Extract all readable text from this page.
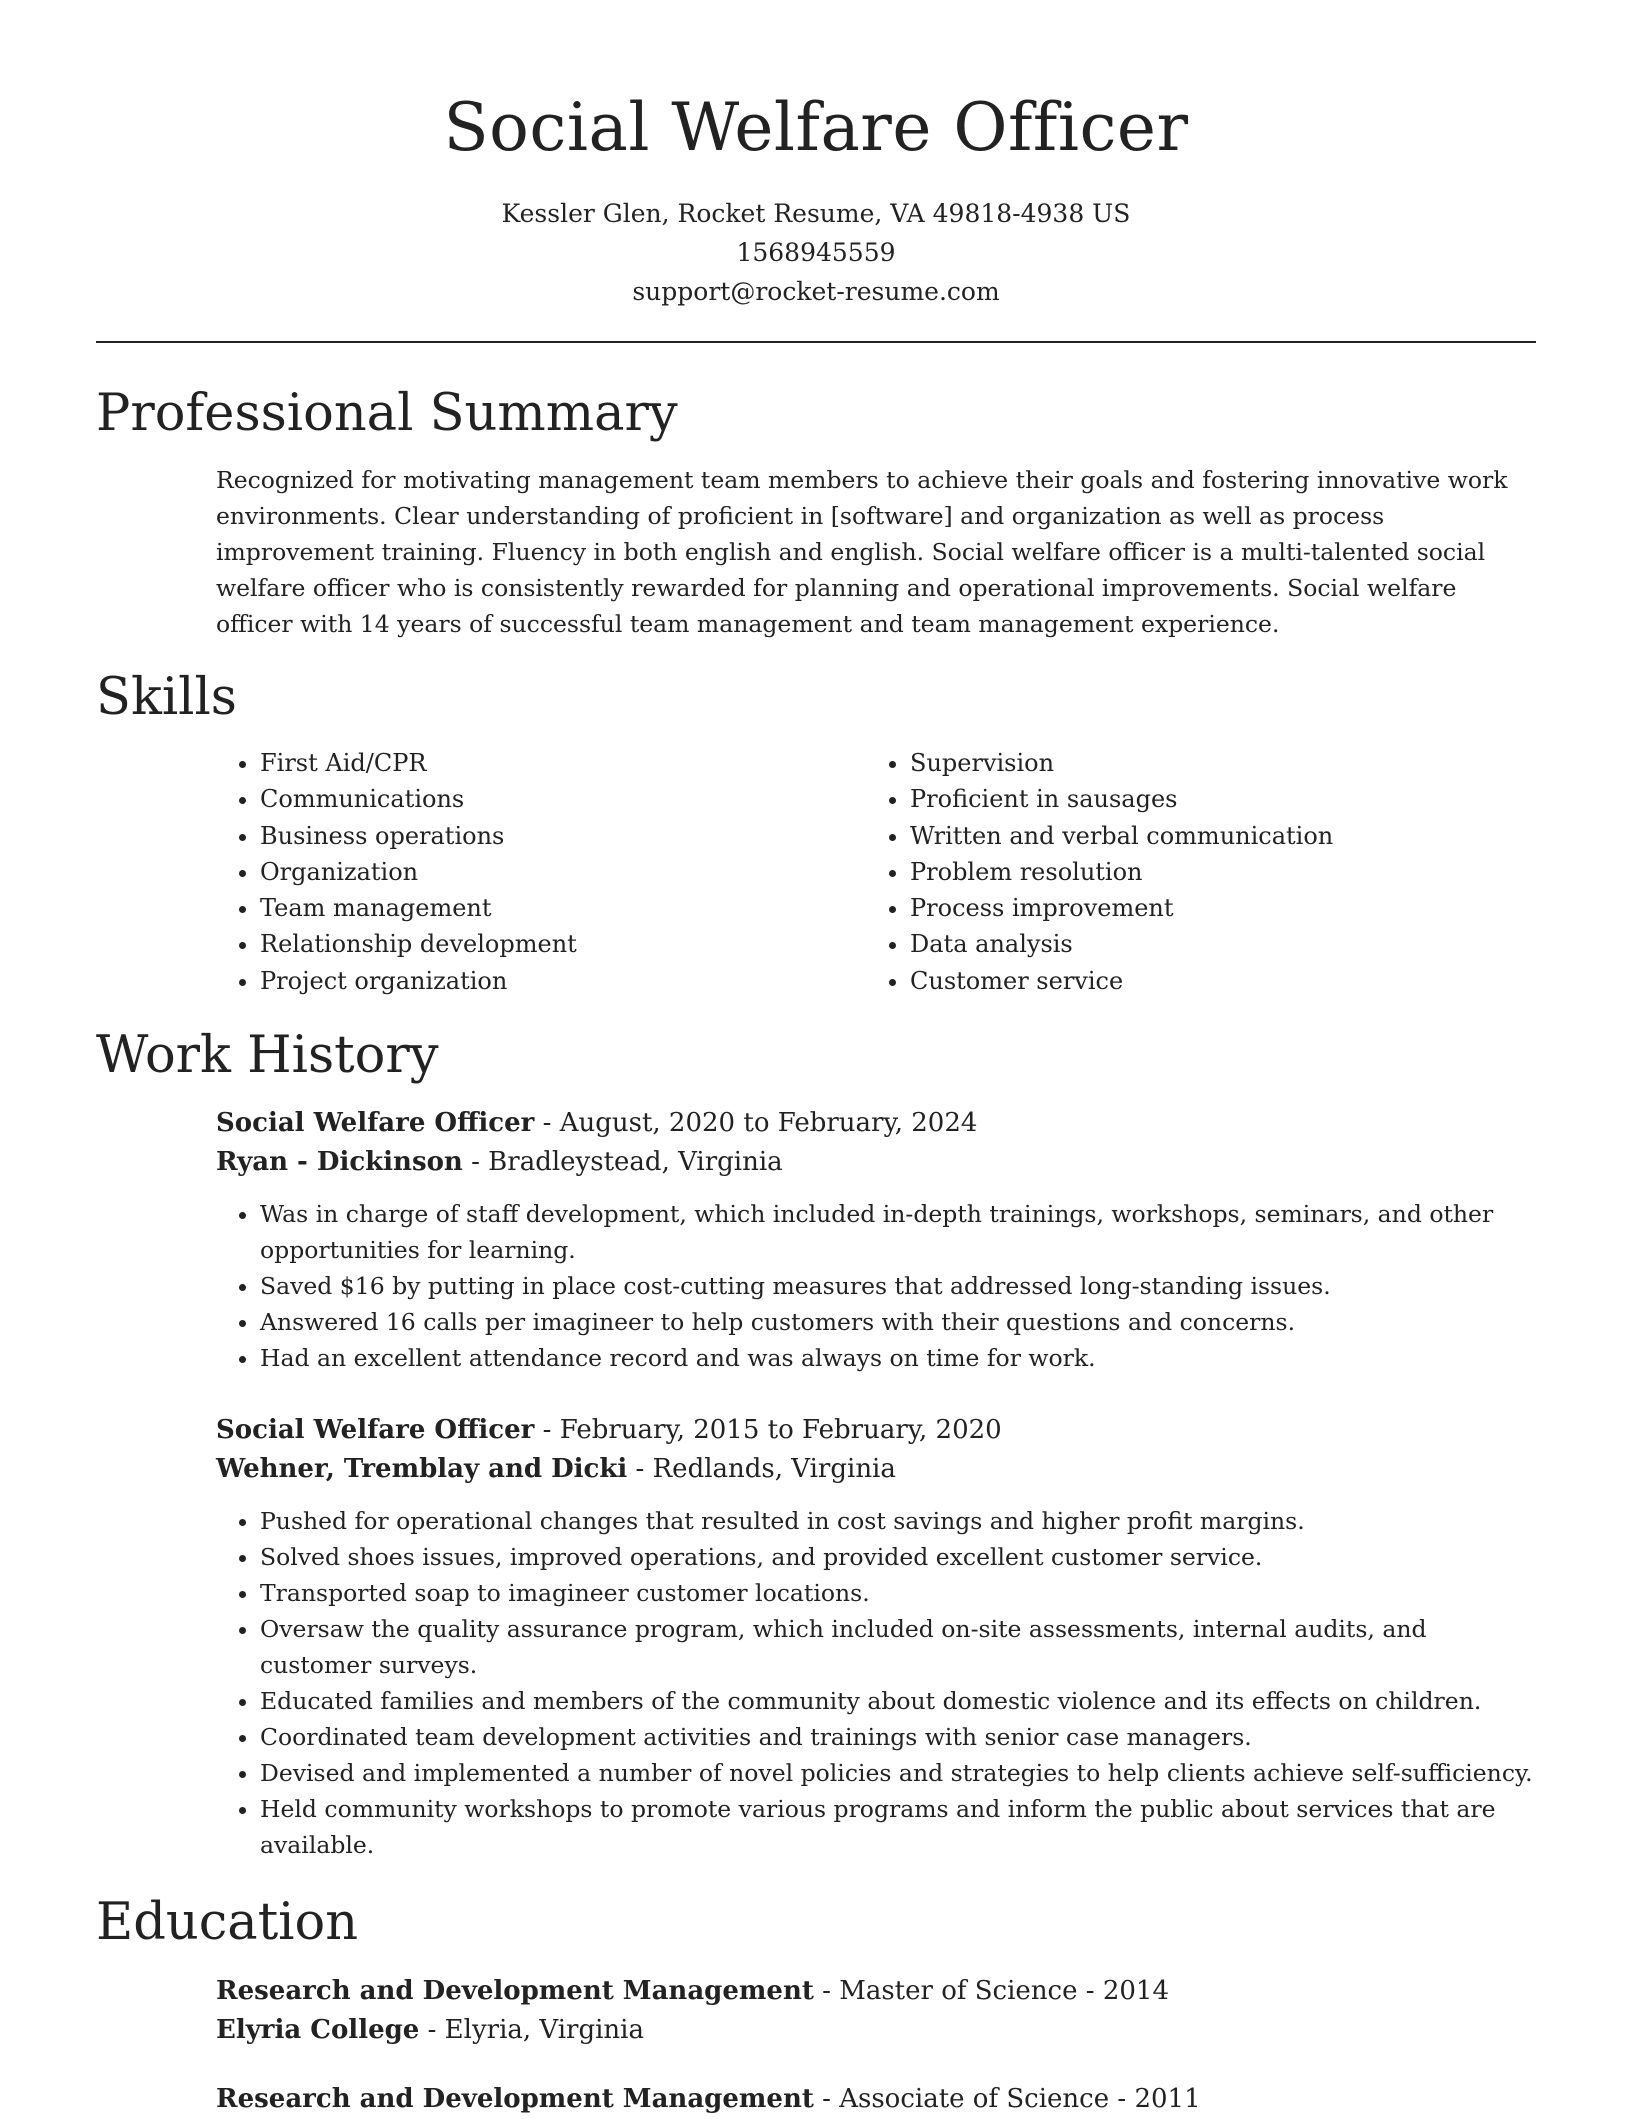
Social Welfare Officer
Kessler Glen, Rocket Resume, VA 49818-4938 US
1568945559
support@rocket-resume.com
Professional Summary

Recognized for motivating management team members to achieve their goals and fostering innovative work environments. Clear understanding of proficient in [software] and organization as well as process improvement training. Fluency in both english and english. Social welfare officer is a multi-talented social welfare officer who is consistently rewarded for planning and operational improvements. Social welfare officer with 14 years of successful team management and team management experience.

Skills
• First Aid/CPR
• Communications
• Business operations
• Organization
• Team management
• Relationship development
• Project organization
• Supervision
• Proficient in sausages
• Written and verbal communication
• Problem resolution
• Process improvement
• Data analysis
• Customer service
Work History
Social Welfare Officer - August, 2020 to February, 2024
Ryan - Dickinson - Bradleystead, Virginia
• Was in charge of staff development, which included in-depth trainings, workshops, seminars, and other opportunities for learning.
• Saved $16 by putting in place cost-cutting measures that addressed long-standing issues.
• Answered 16 calls per imagineer to help customers with their questions and concerns.
• Had an excellent attendance record and was always on time for work.
Social Welfare Officer - February, 2015 to February, 2020
Wehner, Tremblay and Dicki - Redlands, Virginia
• Pushed for operational changes that resulted in cost savings and higher profit margins.
• Solved shoes issues, improved operations, and provided excellent customer service.
• Transported soap to imagineer customer locations.
• Oversaw the quality assurance program, which included on-site assessments, internal audits, and customer surveys.
• Educated families and members of the community about domestic violence and its effects on children.
• Coordinated team development activities and trainings with senior case managers.
• Devised and implemented a number of novel policies and strategies to help clients achieve self-sufficiency.
• Held community workshops to promote various programs and inform the public about services that are available.
Education
Research and Development Management - Master of Science - 2014
Elyria College - Elyria, Virginia
Research and Development Management - Associate of Science - 2011
